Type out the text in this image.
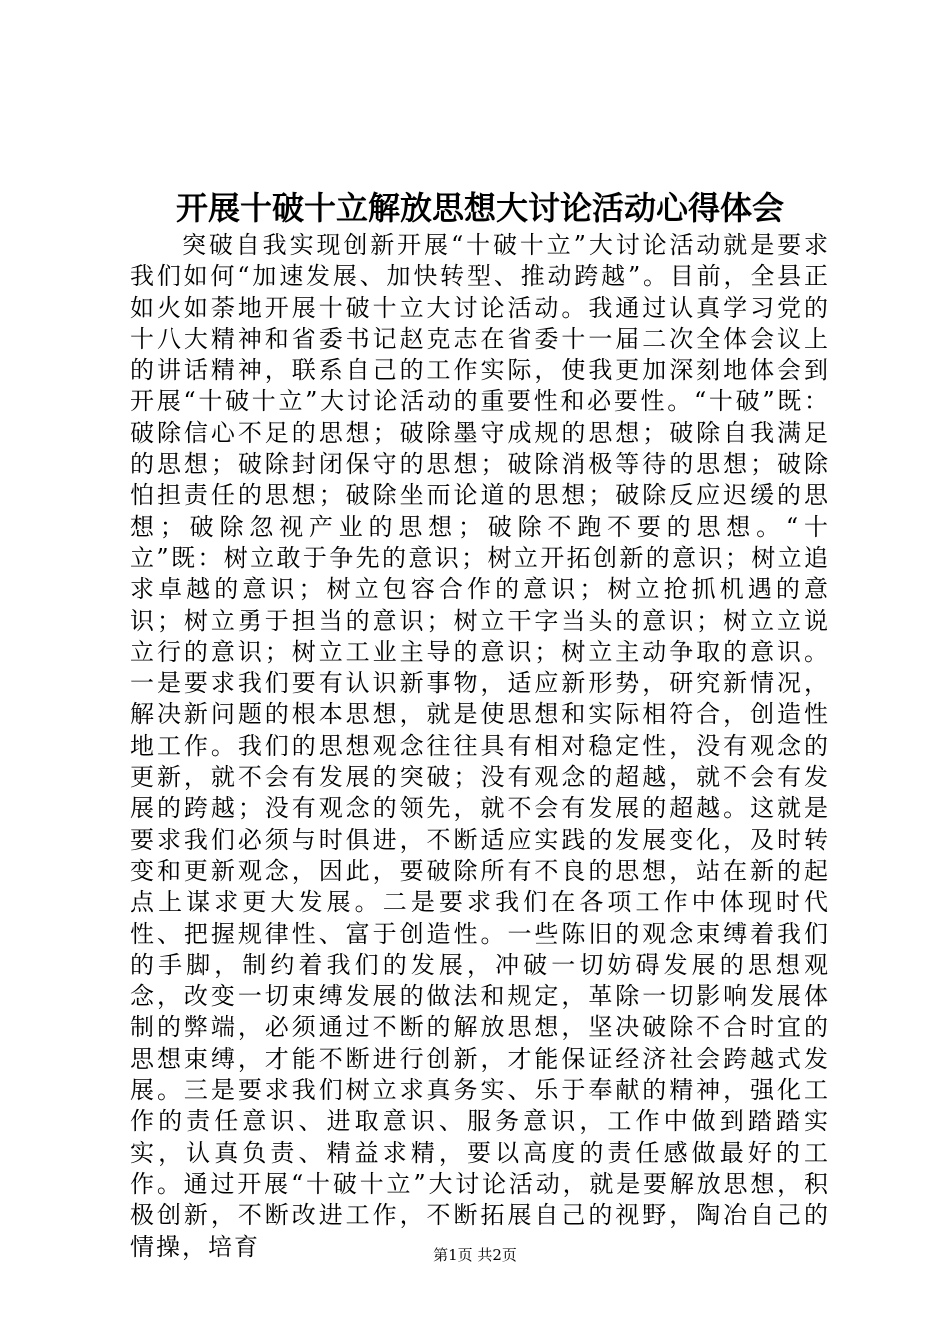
开展十破十立解放思想大讨论活动心得体会

突破自我实现创新开展“十破十立”大讨论活动就是要求我们如何“加速发展、加快转型、推动跨越”。目前，全县正如火如荼地开展十破十立大讨论活动。我通过认真学习党的十八大精神和省委书记赵克志在省委十一届二次全体会议上的讲话精神，联系自己的工作实际，使我更加深刻地体会到开展“十破十立”大讨论活动的重要性和必要性。“十破”既：破除信心不足的思想；破除墨守成规的思想；破除自我满足的思想；破除封闭保守的思想；破除消极等待的思想；破除怕担责任的思想；破除坐而论道的思想；破除反应迟缓的思想；破除忽视产业的思想；破除不跑不要的思想。“十立”既：树立敢于争先的意识；树立开拓创新的意识；树立追求卓越的意识；树立包容合作的意识；树立抢抓机遇的意识；树立勇于担当的意识；树立干字当头的意识；树立立说立行的意识；树立工业主导的意识；树立主动争取的意识。一是要求我们要有认识新事物，适应新形势，研究新情况，解决新问题的根本思想，就是使思想和实际相符合，创造性地工作。我们的思想观念往往具有相对稳定性，没有观念的更新，就不会有发展的突破；没有观念的超越，就不会有发展的跨越；没有观念的领先，就不会有发展的超越。这就是要求我们必须与时俱进，不断适应实践的发展变化，及时转变和更新观念，因此，要破除所有不良的思想，站在新的起点上谋求更大发展。二是要求我们在各项工作中体现时代性、把握规律性、富于创造性。一些陈旧的观念束缚着我们的手脚，制约着我们的发展，冲破一切妨碍发展的思想观念，改变一切束缚发展的做法和规定，革除一切影响发展体制的弊端，必须通过不断的解放思想，坚决破除不合时宜的思想束缚，才能不断进行创新，才能保证经济社会跨越式发展。三是要求我们树立求真务实、乐于奉献的精神，强化工作的责任意识、进取意识、服务意识，工作中做到踏踏实实，认真负责、精益求精，要以高度的责任感做最好的工作。通过开展“十破十立”大讨论活动，就是要解放思想，积极创新，不断改进工作，不断拓展自己的视野，陶冶自己的情操，培育	第1页 共2页
